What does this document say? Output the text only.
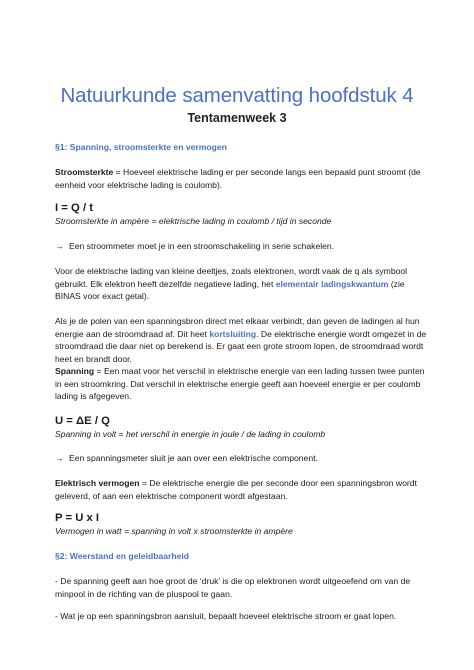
Natuurkunde samenvatting hoofdstuk 4
Tentamenweek 3

§1: Spanning, stroomsterkte en vermogen

Stroomsterkte = Hoeveel elektrische lading er per seconde langs een bepaald punt stroomt (de eenheid voor elektrische lading is coulomb).

I = Q / t

Stroomsterkte in ampère = elektrische lading in coulomb / tijd in seconde

→ Een stroommeter moet je in een stroomschakeling in serie schakelen.

Voor de elektrische lading van kleine deeltjes, zoals elektronen, wordt vaak de q als symbool gebruikt. Elk elektron heeft dezelfde negatieve lading, het elementair ladingskwantum (zie BINAS voor exact getal).

Als je de polen van een spanningsbron direct met elkaar verbindt, dan geven de ladingen al hun energie aan de stroomdraad af. Dit heet kortsluiting. De elektrische energie wordt omgezet in de stroomdraad die daar niet op berekend is. Er gaat een grote stroom lopen, de stroomdraad wordt heet en brandt door.

Spanning = Een maat voor het verschil in elektrische energie van een lading tussen twee punten in een stroomkring. Dat verschil in elektrische energie geeft aan hoeveel energie er per coulomb lading is afgegeven.

U = ΔE / Q

Spanning in volt = het verschil in energie in joule / de lading in coulomb

→ Een spanningsmeter sluit je aan over een elektrische component.

Elektrisch vermogen = De elektrische energie die per seconde door een spanningsbron wordt geleverd, of aan een elektrische component wordt afgestaan.

P = U x I

Vermogen in watt = spanning in volt x stroomsterkte in ampère

§2: Weerstand en geleidbaarheid

- De spanning geeft aan hoe groot de ‘druk’ is die op elektronen wordt uitgeoefend om van de minpool in de richting van de pluspool te gaan.

- Wat je op een spanningsbron aansluit, bepaalt hoeveel elektrische stroom er gaat lopen.
